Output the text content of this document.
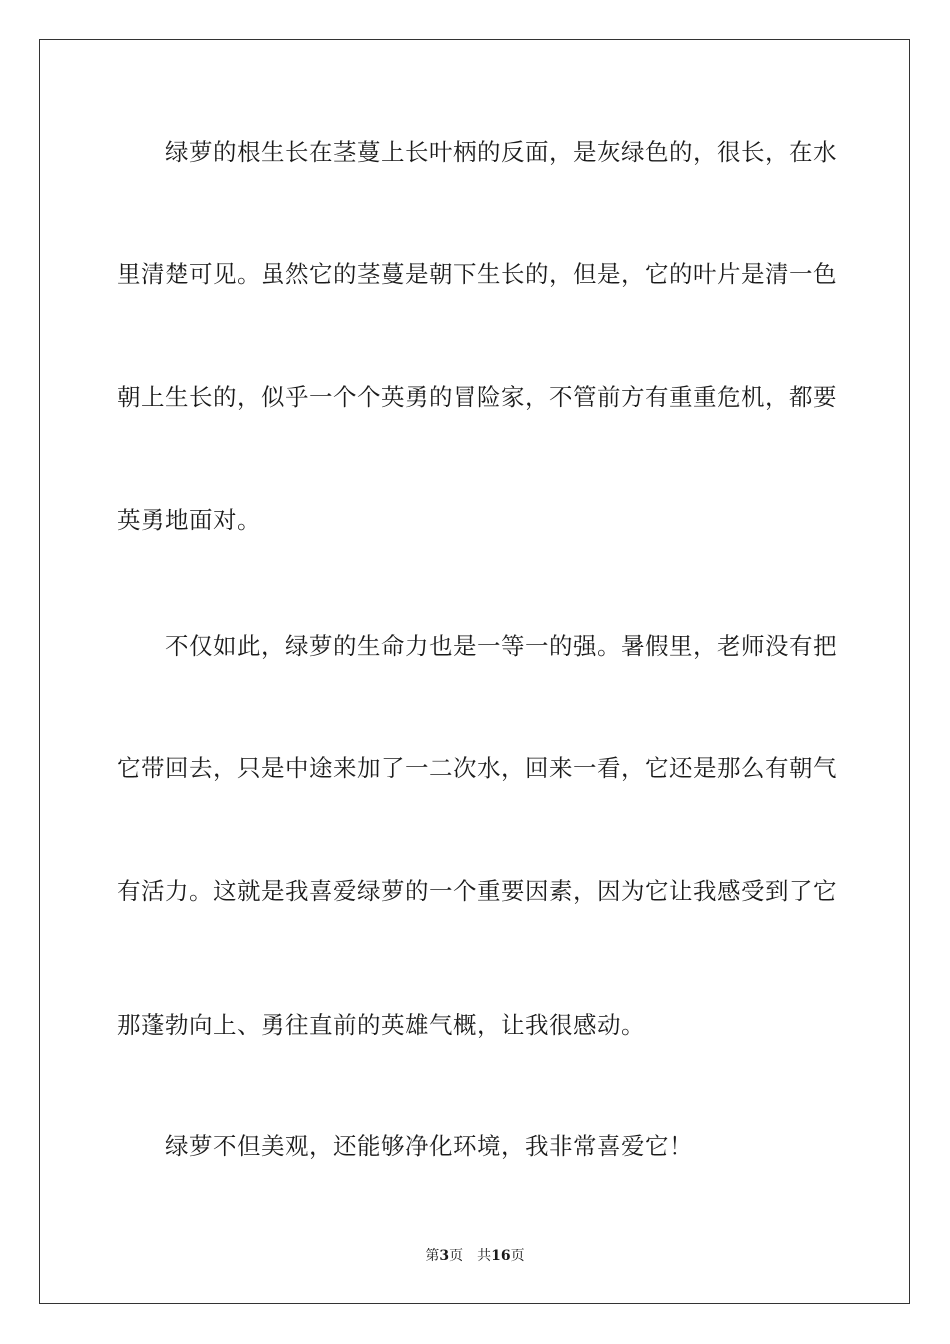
绿萝的根生长在茎蔓上长叶柄的反面，是灰绿色的，很长，在水
里清楚可见。虽然它的茎蔓是朝下生长的，但是，它的叶片是清一色
朝上生长的，似乎一个个英勇的冒险家，不管前方有重重危机，都要
英勇地面对。
不仅如此，绿萝的生命力也是一等一的强。暑假里，老师没有把
它带回去，只是中途来加了一二次水，回来一看，它还是那么有朝气
有活力。这就是我喜爱绿萝的一个重要因素，因为它让我感受到了它
那蓬勃向上、勇往直前的英雄气概，让我很感动。
绿萝不但美观，还能够净化环境，我非常喜爱它！
第3页 共16页
